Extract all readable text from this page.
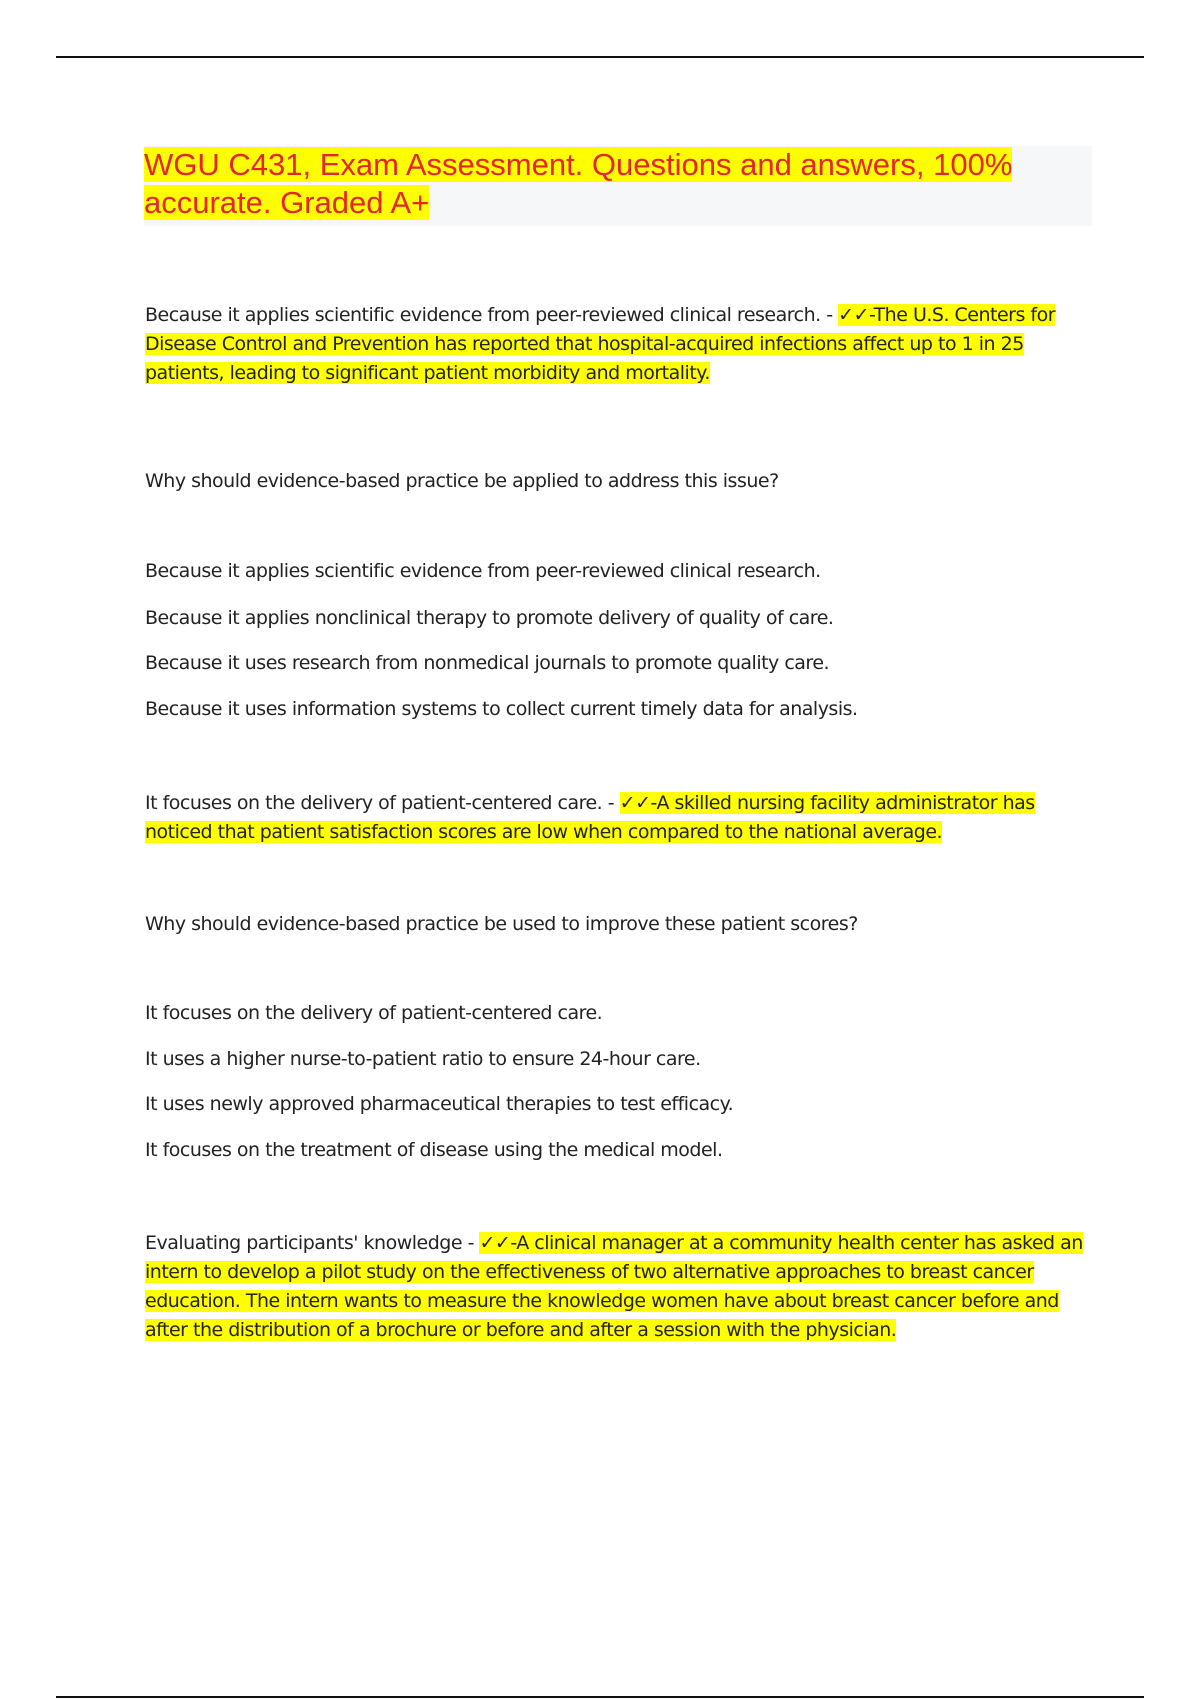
WGU C431, Exam Assessment. Questions and answers, 100% accurate. Graded A+

Because it applies scientific evidence from peer-reviewed clinical research. - ✓✓-The U.S. Centers for Disease Control and Prevention has reported that hospital-acquired infections affect up to 1 in 25 patients, leading to significant patient morbidity and mortality.

Why should evidence-based practice be applied to address this issue?

Because it applies scientific evidence from peer-reviewed clinical research.

Because it applies nonclinical therapy to promote delivery of quality of care.

Because it uses research from nonmedical journals to promote quality care.

Because it uses information systems to collect current timely data for analysis.

It focuses on the delivery of patient-centered care. - ✓✓-A skilled nursing facility administrator has noticed that patient satisfaction scores are low when compared to the national average.

Why should evidence-based practice be used to improve these patient scores?

It focuses on the delivery of patient-centered care.

It uses a higher nurse-to-patient ratio to ensure 24-hour care.

It uses newly approved pharmaceutical therapies to test efficacy.

It focuses on the treatment of disease using the medical model.

Evaluating participants' knowledge - ✓✓-A clinical manager at a community health center has asked an intern to develop a pilot study on the effectiveness of two alternative approaches to breast cancer education. The intern wants to measure the knowledge women have about breast cancer before and after the distribution of a brochure or before and after a session with the physician.
